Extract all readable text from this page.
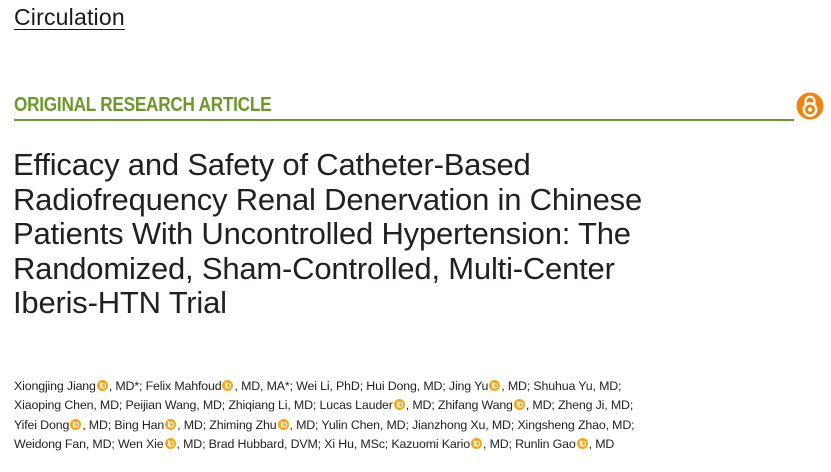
Circulation
ORIGINAL RESEARCH ARTICLE
Efficacy and Safety of Catheter-Based
Radiofrequency Renal Denervation in Chinese
Patients With Uncontrolled Hypertension: The
Randomized, Sham-Controlled, Multi-Center
Iberis-HTN Trial
Xiongjing Jiang , MD*; Felix Mahfoud , MD, MA*; Wei Li, PhD; Hui Dong, MD; Jing Yu , MD; Shuhua Yu, MD;
Xiaoping Chen, MD; Peijian Wang, MD; Zhiqiang Li, MD; Lucas Lauder , MD; Zhifang Wang , MD; Zheng Ji, MD;
Yifei Dong , MD; Bing Han , MD; Zhiming Zhu , MD; Yulin Chen, MD; Jianzhong Xu, MD; Xingsheng Zhao, MD;
Weidong Fan, MD; Wen Xie , MD; Brad Hubbard, DVM; Xi Hu, MSc; Kazuomi Kario , MD; Runlin Gao , MD
